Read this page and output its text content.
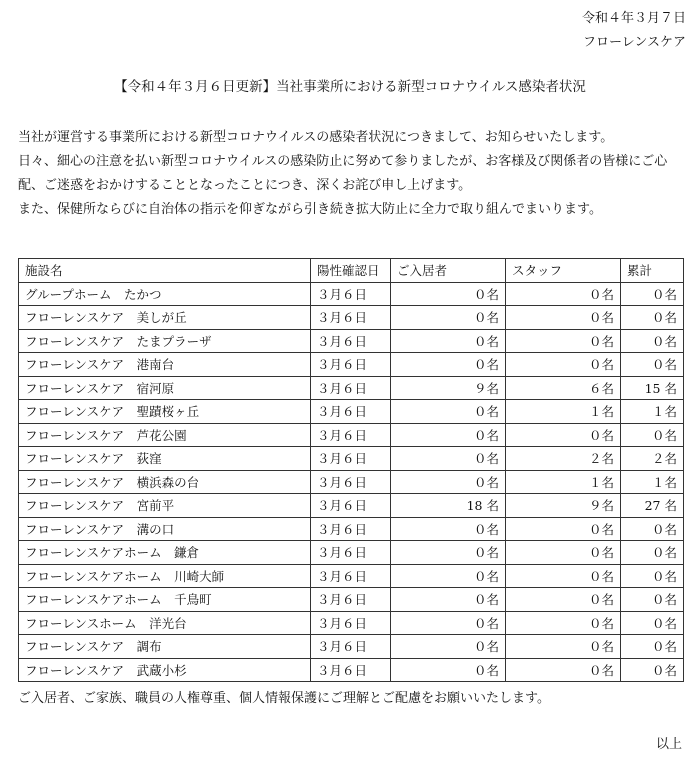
令和４年３月７日
フローレンスケア
【令和４年３月６日更新】当社事業所における新型コロナウイルス感染者状況

当社が運営する事業所における新型コロナウイルスの感染者状況につきまして、お知らせいたします。

日々、細心の注意を払い新型コロナウイルスの感染防止に努めて参りましたが、お客様及び関係者の皆様にご心

配、ご迷惑をおかけすることとなったことにつき、深くお詫び申し上げます。

また、保健所ならびに自治体の指示を仰ぎながら引き続き拡大防止に全力で取り組んでまいります。

施設名	陽性確認日	ご入居者	スタッフ	累計
グループホーム　たかつ	３月６日	０名	０名	０名
フローレンスケア　美しが丘	３月６日	０名	０名	０名
フローレンスケア　たまプラーザ	３月６日	０名	０名	０名
フローレンスケア　港南台	３月６日	０名	０名	０名
フローレンスケア　宿河原	３月６日	９名	６名	15 名
フローレンスケア　聖蹟桜ヶ丘	３月６日	０名	１名	１名
フローレンスケア　芦花公園	３月６日	０名	０名	０名
フローレンスケア　荻窪	３月６日	０名	２名	２名
フローレンスケア　横浜森の台	３月６日	０名	１名	１名
フローレンスケア　宮前平	３月６日	18 名	９名	27 名
フローレンスケア　溝の口	３月６日	０名	０名	０名
フローレンスケアホーム　鎌倉	３月６日	０名	０名	０名
フローレンスケアホーム　川崎大師	３月６日	０名	０名	０名
フローレンスケアホーム　千鳥町	３月６日	０名	０名	０名
フローレンスホーム　洋光台	３月６日	０名	０名	０名
フローレンスケア　調布	３月６日	０名	０名	０名
フローレンスケア　武蔵小杉	３月６日	０名	０名	０名
ご入居者、ご家族、職員の人権尊重、個人情報保護にご理解とご配慮をお願いいたします。
以上
